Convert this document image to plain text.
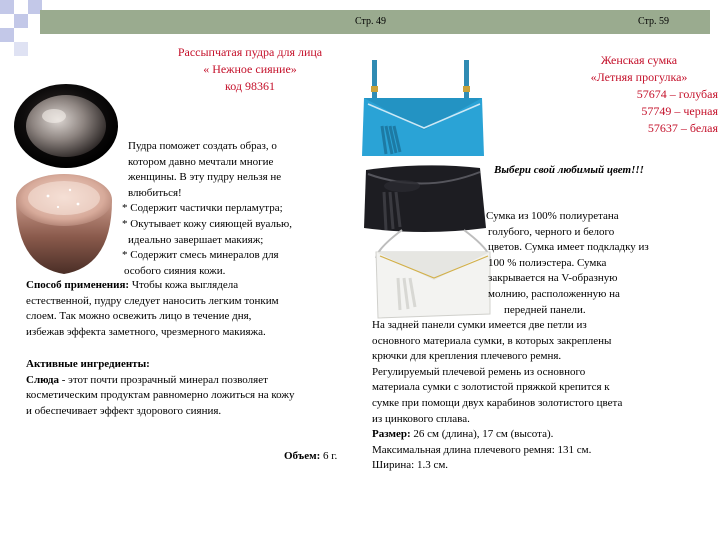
Стр. 49	Стр. 59
Рассыпчатая пудра для лица
« Нежное сияние»
код 98361
Пудра поможет создать образ, о
котором давно мечтали многие
женщины. В эту пудру нельзя не
влюбиться!
* Содержит частички перламутра;
* Окутывает кожу сияющей вуалью,
идеально завершает макияж;
* Содержит смесь минералов для
особого сияния кожи.
Способ применения: Чтобы кожа выглядела
естественной, пудру следует наносить легким тонким
слоем. Так можно освежить лицо в течение дня,
избежав эффекта заметного, чрезмерного макияжа.
Активные ингредиенты:
Слюда - этот почти прозрачный минерал позволяет
косметическим продуктам равномерно ложиться на кожу
и обеспечивает эффект здорового сияния.
Объем: 6 г.
Женская сумка
«Летняя прогулка»
57674 – голубая
57749 – черная
57637 – белая
Выбери свой любимый цвет!!!
Сумка из 100% полиуретана
голубого, черного и белого
цветов. Сумка имеет подкладку из
100 % полиэстера. Сумка
закрывается на V-образную
молнию, расположенную на
передней панели.
На задней панели сумки имеется две петли из
основного материала сумки, в которых закреплены
крючки для крепления плечевого ремня.
Регулируемый плечевой ремень из основного
материала сумки с золотистой пряжкой крепится к
сумке при помощи двух карабинов золотистого цвета
из цинкового сплава.
Размер: 26 см (длина), 17 см (высота).
Максимальная длина плечевого ремня: 131 см.
Ширина: 1.3 см.
